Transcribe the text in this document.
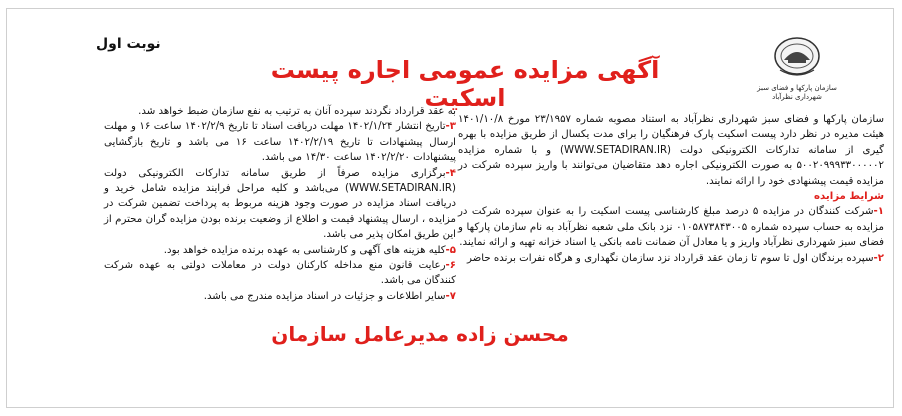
نوبت اول
آگهی مزایده عمومی اجاره پیست اسکیت	سازمان پارکها و فضای سبز شهرداری نظرآباد

سازمان پارکها و فضای سبز شهرداری نظرآباد به استناد مصوبه شماره ۲۳/۱۹۵۷ مورخ ۱۴۰۱/۱۰/۸ هیئت مدیره در نظر دارد پیست اسکیت پارک فرهنگیان را برای مدت یکسال از طریق مزایده با بهره گیری از سامانه تدارکات الکترونیکی دولت (WWW.SETADIRAN.IR) و با شماره مزایده ۵۰۰۲۰۹۹۹۳۳۰۰۰۰۰۲ به صورت الکترونیکی اجاره دهد متقاضیان می‌توانند با واریز سپرده شرکت در مزایده قیمت پیشنهادی خود را ارائه نمایند.

شرایط مزایده

۱-شرکت کنندگان در مزایده ۵ درصد مبلغ کارشناسی پیست اسکیت را به عنوان سپرده شرکت در مزایده به حساب سپرده شماره ۰۱۰۵۸۷۳۸۴۳۰۰۵ نزد بانک ملی شعبه نظرآباد به نام سازمان پارکها و فضای سبز شهرداری نظرآباد واریز و یا معادل آن ضمانت نامه بانکی یا اسناد خزانه تهیه و ارائه نمایند.

۲-سپرده برندگان اول تا سوم تا زمان عقد قرارداد نزد سازمان نگهداری و هرگاه نفرات برنده حاضر

به عقد قرارداد نگردند سپرده آنان به ترتیب به نفع سازمان ضبط خواهد شد.

۳-تاریخ انتشار ۱۴۰۲/۱/۲۴ مهلت دریافت اسناد تا تاریخ ۱۴۰۲/۲/۹ ساعت ۱۶ و مهلت ارسال پیشنهادات تا تاریخ ۱۴۰۲/۲/۱۹ ساعت ۱۶ می باشد و تاریخ بازگشایی پیشنهادات ۱۴۰۲/۲/۲۰ ساعت ۱۴/۳۰ می باشد.

۴-برگزاری مزایده صرفاً از طریق سامانه تدارکات الکترونیکی دولت (WWW.SETADIRAN.IR) می‌باشد و کلیه مراحل فرایند مزایده شامل خرید و دریافت اسناد مزایده در صورت وجود هزینه مربوط به پرداخت تضمین شرکت در مزایده ، ارسال پیشنهاد قیمت و اطلاع از وضعیت برنده بودن مزایده گران محترم از این طریق امکان پذیر می باشد.

۵-کلیه هزینه های آگهی و کارشناسی به عهده برنده مزایده خواهد بود.

۶-رعایت قانون منع مداخله کارکنان دولت در معاملات دولتی به عهده شرکت کنندگان می باشد.

۷-سایر اطلاعات و جزئیات در اسناد مزایده مندرج می باشد.

محسن زاده مدیرعامل سازمان
